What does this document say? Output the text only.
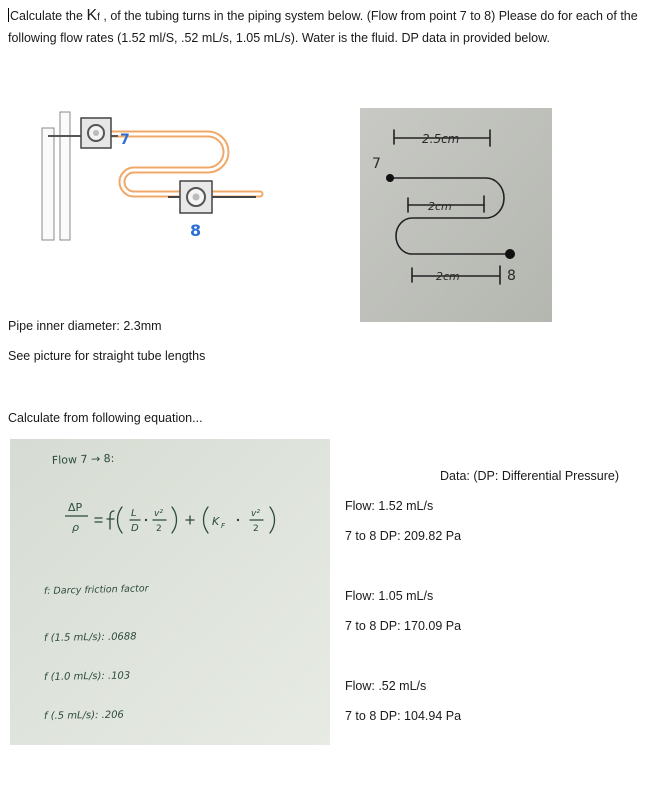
Calculate the Kf , of the tubing turns in the piping system below. (Flow from point 7 to 8) Please do for each of the following flow rates (1.52 ml/S, .52 mL/s, 1.05 mL/s). Water is the fluid. DP data in provided below.
7
8
7
8
2.5cm
2cm
2cm
Pipe inner diameter: 2.3mm
See picture for straight tube lengths
Calculate from following equation...
Flow 7 → 8:
ΔP
ρ
L
D
v²
2
K F
v²
2
f: Darcy friction factor
f (1.5 mL/s): .0688
f (1.0 mL/s): .103
f (.5 mL/s): .206
Data: (DP: Differential Pressure)
Flow: 1.52 mL/s
7 to 8 DP: 209.82 Pa
Flow: 1.05 mL/s
7 to 8 DP: 170.09 Pa
Flow: .52 mL/s
7 to 8 DP: 104.94 Pa
